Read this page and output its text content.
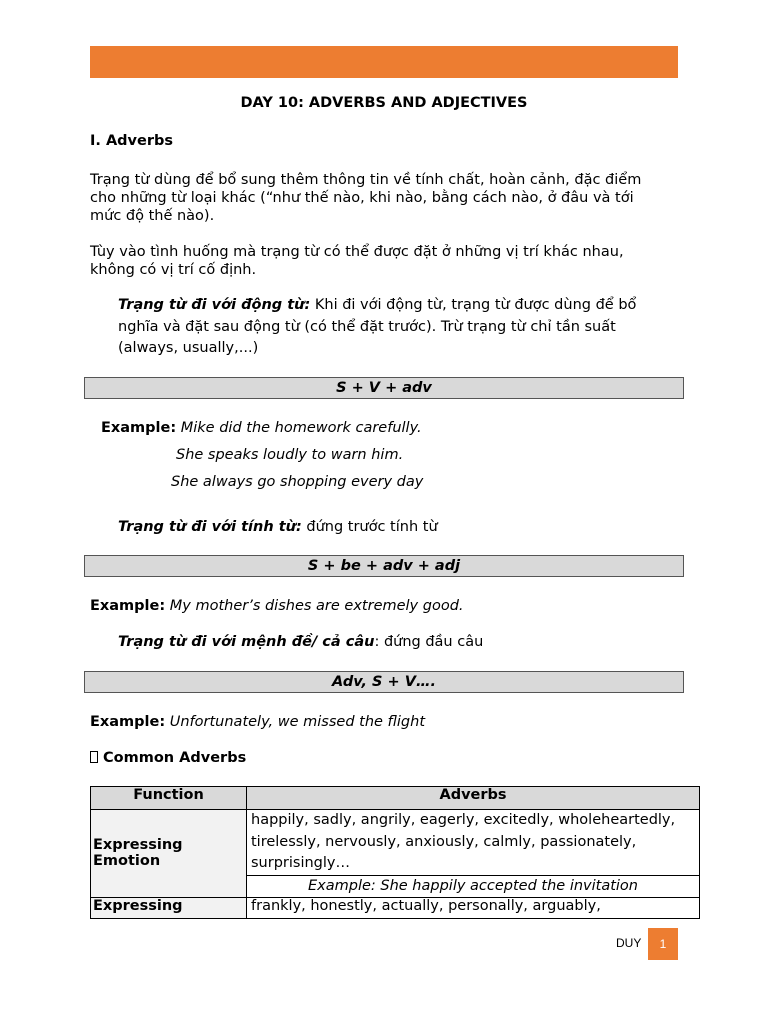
DAY 10: ADVERBS AND ADJECTIVES
I. Adverbs
Trạng từ dùng để bổ sung thêm thông tin về tính chất, hoàn cảnh, đặc điểm
cho những từ loại khác (“như thế nào, khi nào, bằng cách nào, ở đâu và tới
mức độ thế nào).
Tùy vào tình huống mà trạng từ có thể được đặt ở những vị trí khác nhau,
không có vị trí cố định.
Trạng từ đi với động từ: Khi đi với động từ, trạng từ được dùng để bổ
nghĩa và đặt sau động từ (có thể đặt trước). Trừ trạng từ chỉ tần suất
(always, usually,...)
S + V + adv
Example: Mike did the homework carefully.
She speaks loudly to warn him.
She always go shopping every day
Trạng từ đi với tính từ: đứng trước tính từ
S + be + adv + adj
Example: My mother’s dishes are extremely good.
Trạng từ đi với mệnh đề/ cả câu: đứng đầu câu
Adv, S + V….
Example: Unfortunately, we missed the flight
Common Adverbs
Function	Adverbs
Expressing Emotion	happily, sadly, angrily, eagerly, excitedly, wholeheartedly,
tirelessly, nervously, anxiously, calmly, passionately,
surprisingly…

	Example: She happily accepted the invitation
Expressing	frankly, honestly, actually, personally, arguably,
DUY	1
